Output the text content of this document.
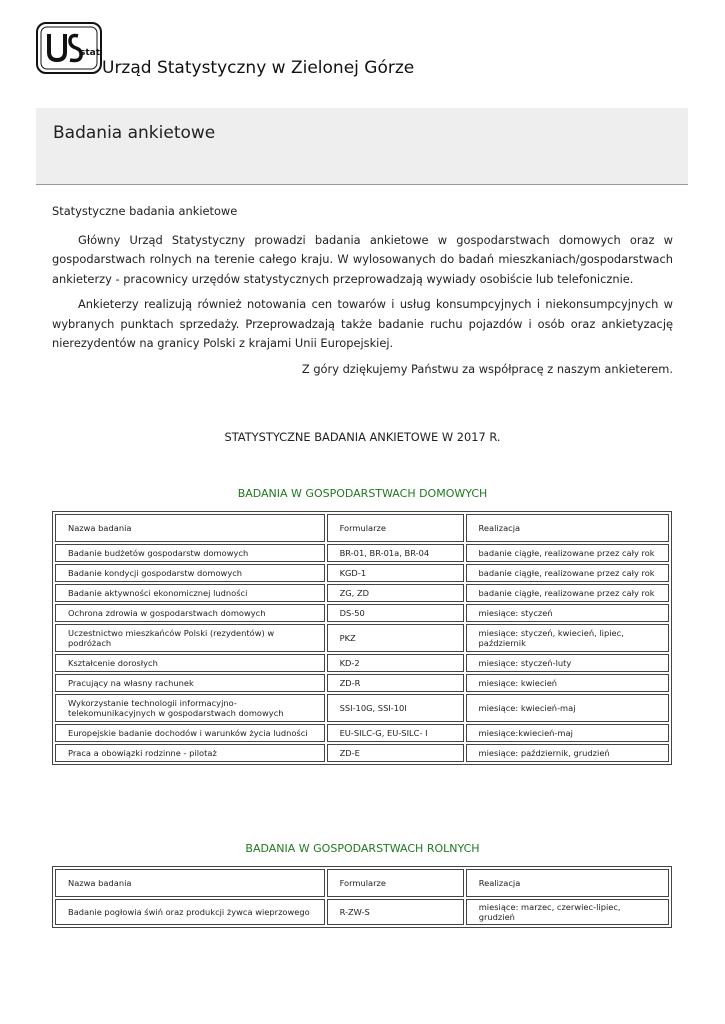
stat
Urząd Statystyczny w Zielonej Górze
Badania ankietowe

Statystyczne badania ankietowe

Główny Urząd Statystyczny prowadzi badania ankietowe w gospodarstwach domowych oraz w gospodarstwach rolnych na terenie całego kraju. W wylosowanych do badań mieszkaniach/gospodarstwach ankieterzy - pracownicy urzędów statystycznych przeprowadzają wywiady osobiście lub telefonicznie.

Ankieterzy realizują również notowania cen towarów i usług konsumpcyjnych i niekonsumpcyjnych w wybranych punktach sprzedaży. Przeprowadzają także badanie ruchu pojazdów i osób oraz ankietyzację nierezydentów na granicy Polski z krajami Unii Europejskiej.

Z góry dziękujemy Państwu za współpracę z naszym ankieterem.

STATYSTYCZNE BADANIA ANKIETOWE W 2017 R.
BADANIA W GOSPODARSTWACH DOMOWYCH
Nazwa badania	Formularze	Realizacja
Badanie budżetów gospodarstw domowych	BR-01, BR-01a, BR-04	badanie ciągłe, realizowane przez cały rok
Badanie kondycji gospodarstw domowych	KGD-1	badanie ciągłe, realizowane przez cały rok
Badanie aktywności ekonomicznej ludności	ZG, ZD	badanie ciągłe, realizowane przez cały rok
Ochrona zdrowia w gospodarstwach domowych	DS-50	miesiące: styczeń
Uczestnictwo mieszkańców Polski (rezydentów) w podróżach	PKZ	miesiące: styczeń, kwiecień, lipiec, październik
Kształcenie dorosłych	KD-2	miesiące: styczeń-luty
Pracujący na własny rachunek	ZD-R	miesiące: kwiecień
Wykorzystanie technologii informacyjno-telekomunikacyjnych w gospodarstwach domowych	SSI-10G, SSI-10I	miesiące: kwiecień-maj
Europejskie badanie dochodów i warunków życia ludności	EU-SILC-G, EU-SILC- I	miesiące:kwiecień-maj
Praca a obowiązki rodzinne - pilotaż	ZD-E	miesiące: październik, grudzień
BADANIA W GOSPODARSTWACH ROLNYCH
Nazwa badania	Formularze	Realizacja
Badanie pogłowia świń oraz produkcji żywca wieprzowego	R-ZW-S	miesiące: marzec, czerwiec-lipiec, grudzień
